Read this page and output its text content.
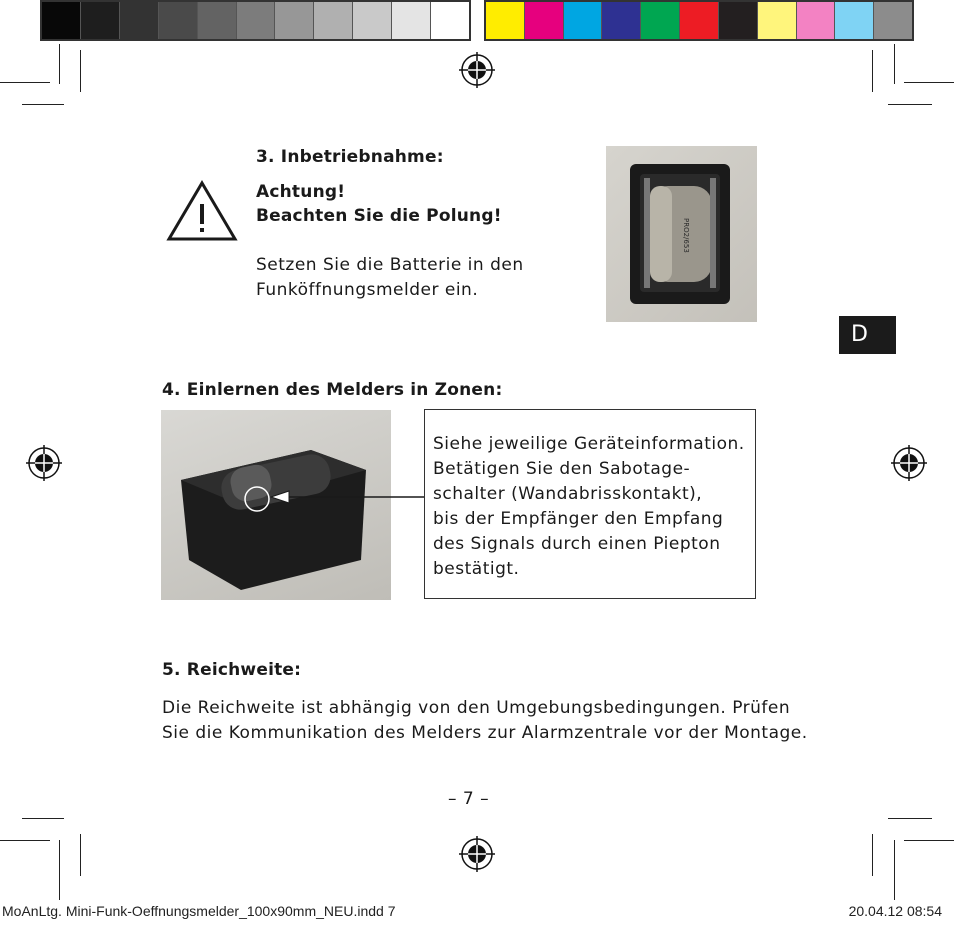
3. Inbetriebnahme:
Achtung!
Beachten Sie die Polung!
Setzen Sie die Batterie in den
Funköffnungsmelder ein.
PRO2/653
D
4. Einlernen des Melders in Zonen:
Siehe jeweilige Geräteinformation.
Betätigen Sie den Sabotage-
schalter (Wandabrisskontakt),
bis der Empfänger den Empfang
des Signals durch einen Piepton
bestätigt.
5. Reichweite:
Die Reichweite ist abhängig von den Umgebungsbedingungen. Prüfen
Sie die Kommunikation des Melders zur Alarmzentrale vor der Montage.
– 7 –
MoAnLtg. Mini-Funk-Oeffnungsmelder_100x90mm_NEU.indd 7	20.04.12 08:54
